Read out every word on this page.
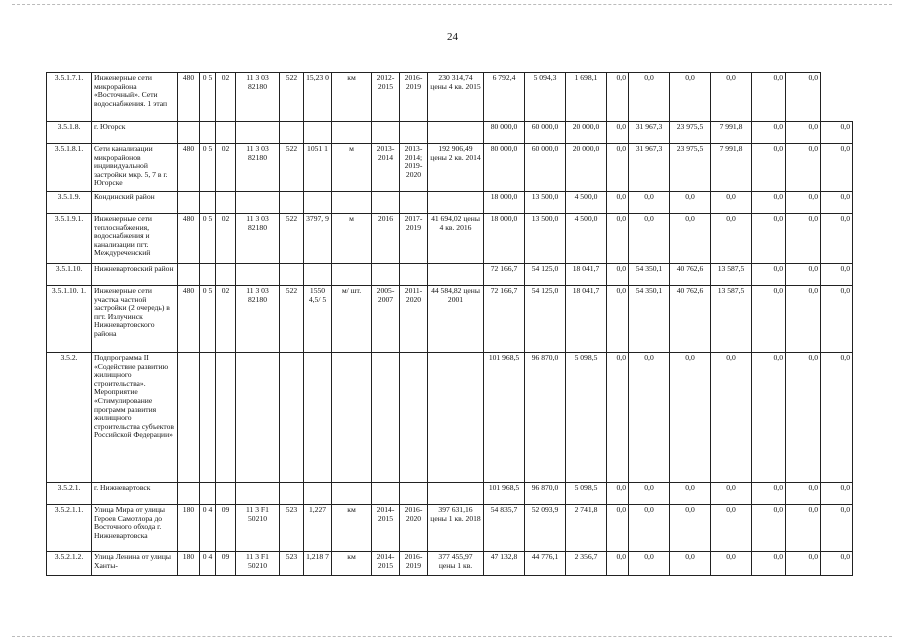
24
3.5.1.7.1.	Инженерные сети микрорайона «Восточный». Сети водоснабжения. 1 этап	480	0 5	02	11 3 03 82180	522	15,23 0	км	2012-2015	2016-2019	230 314,74 цены 4 кв. 2015	6 792,4	5 094,3	1 698,1	0,0	0,0	0,0	0,0	0,0	0,0	
3.5.1.8.	г. Югорск											80 000,0	60 000,0	20 000,0	0,0	31 967,3	23 975,5	7 991,8	0,0	0,0	0,0
3.5.1.8.1.	Сети канализации микрорайонов индивидуальной застройки мкр. 5, 7 в г. Югорске	480	0 5	02	11 3 03 82180	522	1051 1	м	2013-2014	2013-2014; 2019-2020	192 906,49 цены 2 кв. 2014	80 000,0	60 000,0	20 000,0	0,0	31 967,3	23 975,5	7 991,8	0,0	0,0	0,0
3.5.1.9.	Кондинский район											18 000,0	13 500,0	4 500,0	0,0	0,0	0,0	0,0	0,0	0,0	0,0
3.5.1.9.1.	Инженерные сети теплоснабжения, водоснабжения и канализации пгт. Междуреченский	480	0 5	02	11 3 03 82180	522	3797, 9	м	2016	2017-2019	41 694,02 цены 4 кв. 2016	18 000,0	13 500,0	4 500,0	0,0	0,0	0,0	0,0	0,0	0,0	0,0
3.5.1.10.	Нижневартовский район											72 166,7	54 125,0	18 041,7	0,0	54 350,1	40 762,6	13 587,5	0,0	0,0	0,0
3.5.1.10. 1.	Инженерные сети участка частной застройки (2 очередь) в пгт. Излучинск Нижневартовского района	480	0 5	02	11 3 03 82180	522	1550 4,5/ 5	м/ шт.	2005-2007	2011-2020	44 584,82 цены 2001	72 166,7	54 125,0	18 041,7	0,0	54 350,1	40 762,6	13 587,5	0,0	0,0	0,0
3.5.2.	Подпрограмма II «Содействие развитию жилищного строительства». Мероприятие «Стимулирование программ развития жилищного строительства субъектов Российской Федерации»											101 968,5	96 870,0	5 098,5	0,0	0,0	0,0	0,0	0,0	0,0	0,0
3.5.2.1.	г. Нижневартовск											101 968,5	96 870,0	5 098,5	0,0	0,0	0,0	0,0	0,0	0,0	0,0
3.5.2.1.1.	Улица Мира от улицы Героев Самотлора до Восточного обхода г. Нижневартовска	180	0 4	09	11 3 F1 50210	523	1,227	км	2014-2015	2016-2020	397 631,16 цены 1 кв. 2018	54 835,7	52 093,9	2 741,8	0,0	0,0	0,0	0,0	0,0	0,0	0,0
3.5.2.1.2.	Улица Ленина от улицы Ханты-	180	0 4	09	11 3 F1 50210	523	1,218 7	км	2014-2015	2016-2019	377 455,97 цены 1 кв.	47 132,8	44 776,1	2 356,7	0,0	0,0	0,0	0,0	0,0	0,0	0,0
